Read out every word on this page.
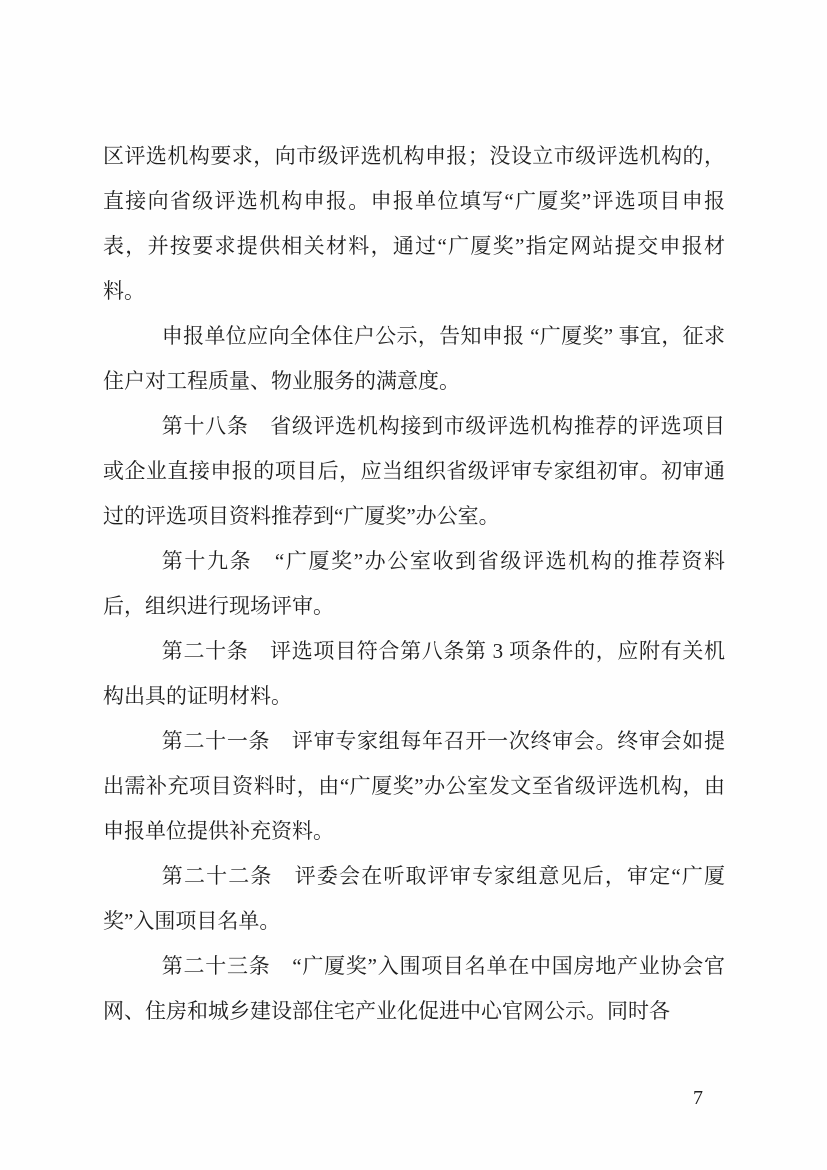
区评选机构要求，向市级评选机构申报；没设立市级评选机构的，直接向省级评选机构申报。申报单位填写“广厦奖”评选项目申报表，并按要求提供相关材料，通过“广厦奖”指定网站提交申报材料。

申报单位应向全体住户公示，告知申报 “广厦奖” 事宜，征求住户对工程质量、物业服务的满意度。

第十八条　省级评选机构接到市级评选机构推荐的评选项目或企业直接申报的项目后，应当组织省级评审专家组初审。初审通过的评选项目资料推荐到“广厦奖”办公室。

第十九条　“广厦奖”办公室收到省级评选机构的推荐资料后，组织进行现场评审。

第二十条　评选项目符合第八条第 3 项条件的，应附有关机构出具的证明材料。

第二十一条　评审专家组每年召开一次终审会。终审会如提出需补充项目资料时，由“广厦奖”办公室发文至省级评选机构，由申报单位提供补充资料。

第二十二条　评委会在听取评审专家组意见后，审定“广厦奖”入围项目名单。

第二十三条　“广厦奖”入围项目名单在中国房地产业协会官网、住房和城乡建设部住宅产业化促进中心官网公示。同时各

7
